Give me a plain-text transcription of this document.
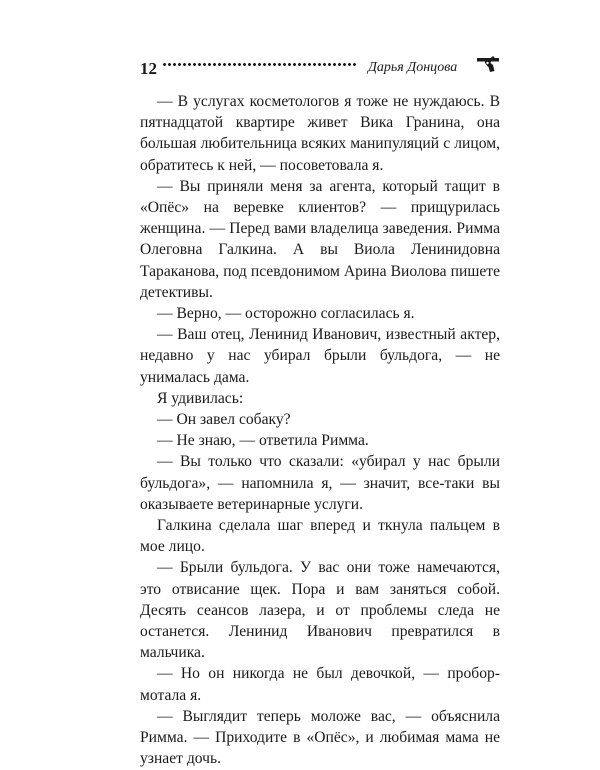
12	Дарья Донцова

— В услугах косметологов я тоже не нуждаюсь. В пятнадцатой квартире живет Вика Гранина, она большая любительница всяких манипуляций с лицом, обратитесь к ней, — посоветовала я.

— Вы приняли меня за агента, который тащит в «Опёс» на веревке клиентов? — прищурилась женщина. — Перед вами владелица заведения. Римма Олеговна Галкина. А вы Виола Ленинидовна Тараканова, под псевдонимом Арина Виолова пишете детективы.

— Верно, — осторожно согласилась я.

— Ваш отец, Ленинид Иванович, известный актер, недавно у нас убирал брыли бульдога, — не унималась дама.

Я удивилась:

— Он завел собаку?

— Не знаю, — ответила Римма.

— Вы только что сказали: «убирал у нас брыли бульдога», — напомнила я, — значит, все-таки вы оказываете ветеринарные услуги.

Галкина сделала шаг вперед и ткнула пальцем в мое лицо.

— Брыли бульдога. У вас они тоже намечаются, это отвисание щек. Пора и вам заняться собой. Десять сеансов лазера, и от проблемы следа не останется. Ленинид Иванович превратился в мальчика.

— Но он никогда не был девочкой, — пробормотала я.

— Выглядит теперь моложе вас, — объяснила Римма. — Приходите в «Опёс», и любимая мама не узнает дочь.
